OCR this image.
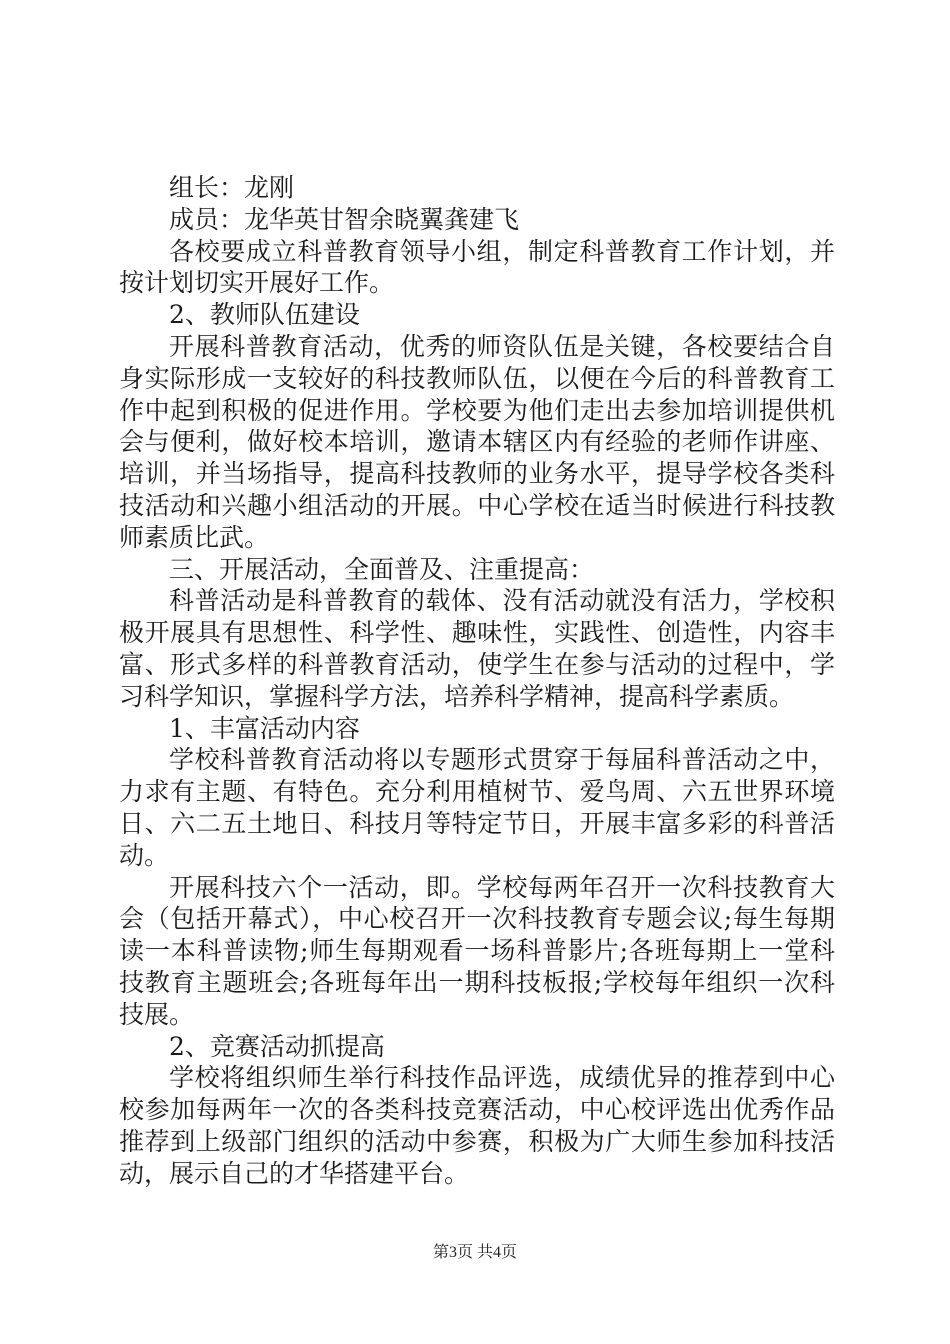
组长：龙刚

成员：龙华英甘智余晓翼龚建飞

各校要成立科普教育领导小组，制定科普教育工作计划，并按计划切实开展好工作。

2、教师队伍建设

开展科普教育活动，优秀的师资队伍是关键，各校要结合自身实际形成一支较好的科技教师队伍，以便在今后的科普教育工作中起到积极的促进作用。学校要为他们走出去参加培训提供机会与便利，做好校本培训，邀请本辖区内有经验的老师作讲座、培训，并当场指导，提高科技教师的业务水平，提导学校各类科技活动和兴趣小组活动的开展。中心学校在适当时候进行科技教师素质比武。

三、开展活动，全面普及、注重提高：

科普活动是科普教育的载体、没有活动就没有活力，学校积极开展具有思想性、科学性、趣味性，实践性、创造性，内容丰富、形式多样的科普教育活动，使学生在参与活动的过程中，学习科学知识，掌握科学方法，培养科学精神，提高科学素质。

1、丰富活动内容

学校科普教育活动将以专题形式贯穿于每届科普活动之中，力求有主题、有特色。充分利用植树节、爱鸟周、六五世界环境日、六二五土地日、科技月等特定节日，开展丰富多彩的科普活动。

开展科技六个一活动，即。学校每两年召开一次科技教育大会（包括开幕式），中心校召开一次科技教育专题会议;每生每期读一本科普读物;师生每期观看一场科普影片;各班每期上一堂科技教育主题班会;各班每年出一期科技板报;学校每年组织一次科技展。

2、竞赛活动抓提高

学校将组织师生举行科技作品评选，成绩优异的推荐到中心校参加每两年一次的各类科技竞赛活动，中心校评选出优秀作品推荐到上级部门组织的活动中参赛，积极为广大师生参加科技活动，展示自己的才华搭建平台。

第3页 共4页
